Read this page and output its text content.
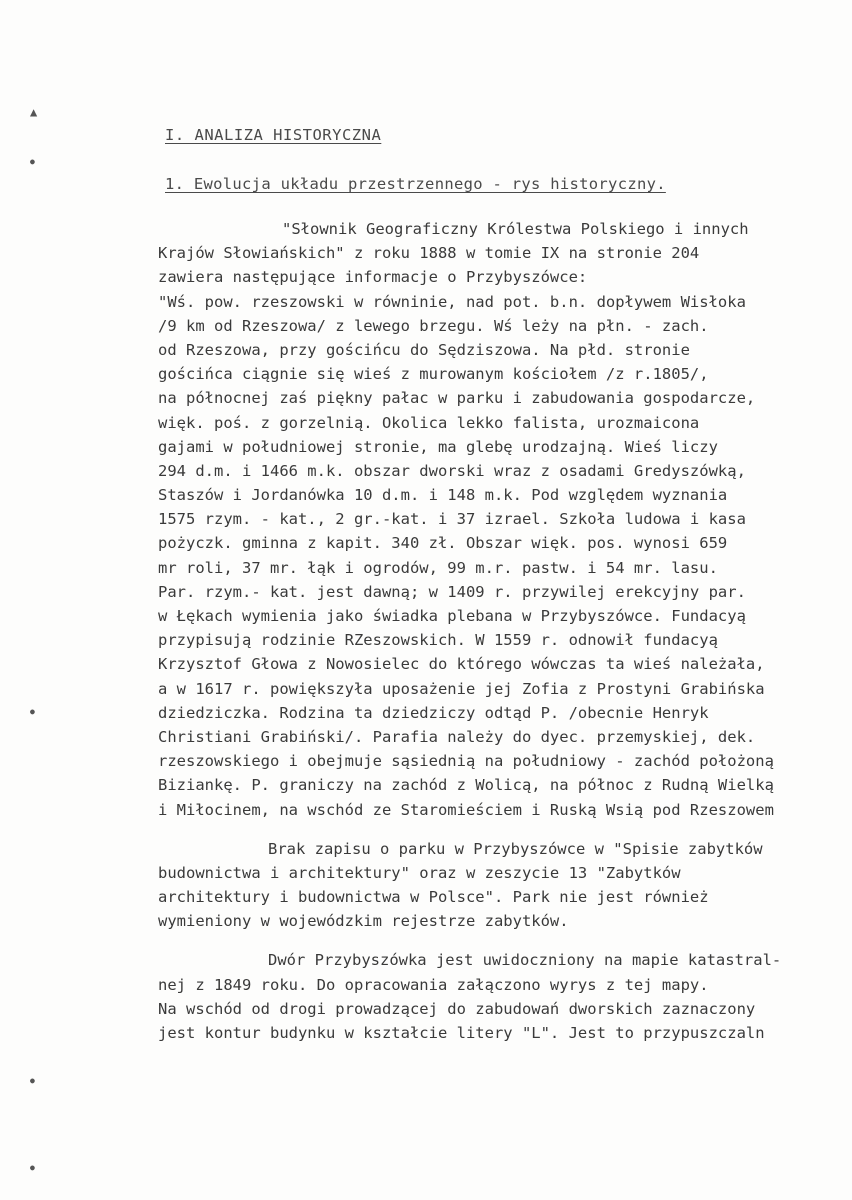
▲
●
●
●
●
I. ANALIZA HISTORYCZNA
1. Ewolucja układu przestrzennego - rys historyczny.
"Słownik Geograficzny Królestwa Polskiego i innych
Krajów Słowiańskich" z roku 1888 w tomie IX na stronie 204
zawiera następujące informacje o Przybyszówce:
"Wś. pow. rzeszowski w równinie, nad pot. b.n. dopływem Wisłoka
/9 km od Rzeszowa/ z lewego brzegu. Wś leży na płn. - zach.
od Rzeszowa, przy gościńcu do Sędziszowa. Na płd. stronie
gościńca ciągnie się wieś z murowanym kościołem /z r.1805/,
na północnej zaś piękny pałac w parku i zabudowania gospodarcze,
więk. poś. z gorzelnią. Okolica lekko falista, urozmaicona
gajami w południowej stronie, ma glebę urodzajną. Wieś liczy
294 d.m. i 1466 m.k. obszar dworski wraz z osadami Gredyszówką,
Staszów i Jordanówka 10 d.m. i 148 m.k. Pod względem wyznania
1575 rzym. - kat., 2 gr.-kat. i 37 izrael. Szkoła ludowa i kasa
pożyczk. gminna z kapit. 340 zł. Obszar więk. pos. wynosi 659
mr roli, 37 mr. łąk i ogrodów, 99 m.r. pastw. i 54 mr. lasu.
Par. rzym.- kat. jest dawną; w 1409 r. przywilej erekcyjny par.
w Łękach wymienia jako świadka plebana w Przybyszówce. Fundacyą
przypisują rodzinie RZeszowskich. W 1559 r. odnowił fundacyą
Krzysztof Głowa z Nowosielec do którego wówczas ta wieś należała,
a w 1617 r. powiększyła uposażenie jej Zofia z Prostyni Grabińska
dziedziczka. Rodzina ta dziedziczy odtąd P. /obecnie Henryk
Christiani Grabiński/. Parafia należy do dyec. przemyskiej, dek.
rzeszowskiego i obejmuje sąsiednią na południowy - zachód położoną
Biziankę. P. graniczy na zachód z Wolicą, na północ z Rudną Wielką
i Miłocinem, na wschód ze Staromieściem i Ruską Wsią pod Rzeszowem
Brak zapisu o parku w Przybyszówce w "Spisie zabytków
budownictwa i architektury" oraz w zeszycie 13 "Zabytków
architektury i budownictwa w Polsce". Park nie jest również
wymieniony w wojewódzkim rejestrze zabytków.
Dwór Przybyszówka jest uwidoczniony na mapie katastral-
nej z 1849 roku. Do opracowania załączono wyrys z tej mapy.
Na wschód od drogi prowadzącej do zabudowań dworskich zaznaczony
jest kontur budynku w kształcie litery "L". Jest to przypuszczaln
